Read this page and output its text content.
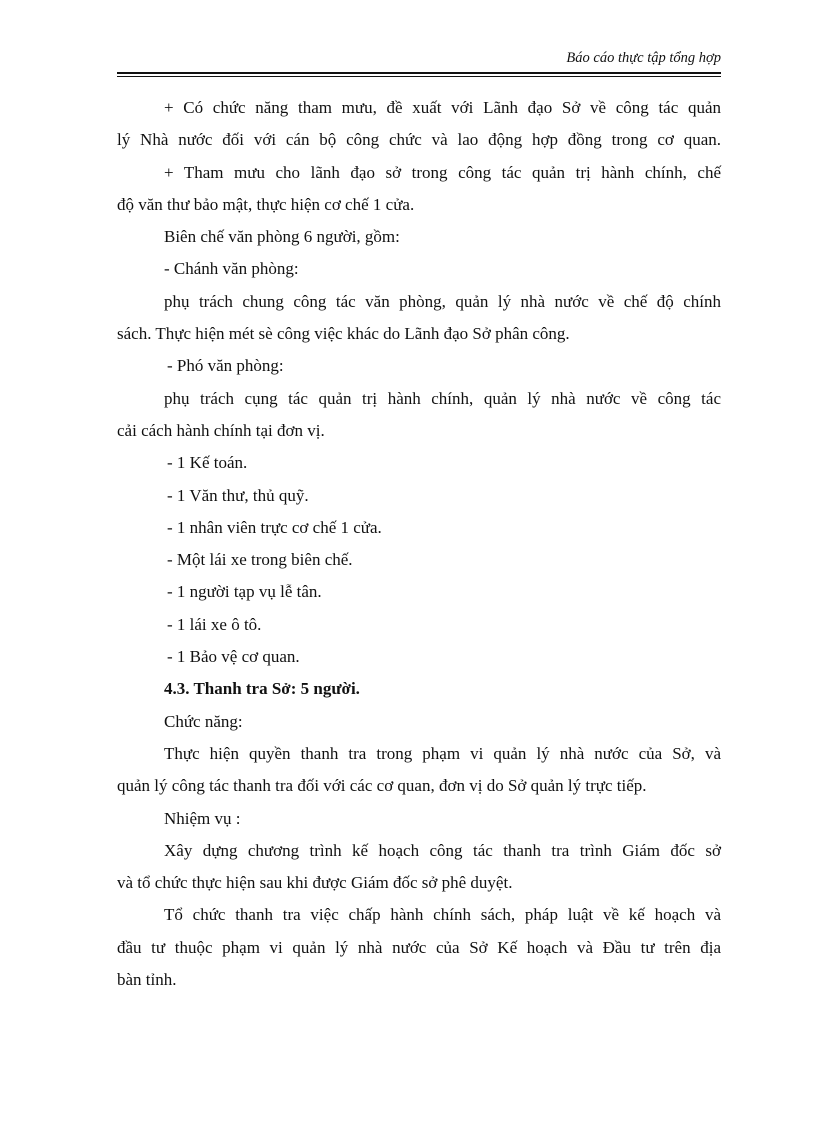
Báo cáo thực tập tổng hợp
+ Có chức năng tham mưu, đề xuất với Lãnh đạo Sở về công tác quản
lý Nhà nước đối với cán bộ công chức và lao động hợp đồng trong cơ quan.
+ Tham mưu cho lãnh đạo sở trong công tác quản trị hành chính, chế
độ văn thư bảo mật, thực hiện cơ chế 1 cửa.
Biên chế văn phòng 6 người, gồm:
- Chánh văn phòng:
phụ trách chung công tác văn phòng, quản lý nhà nước về chế độ chính
sách. Thực hiện mét sè công việc khác do Lãnh đạo Sở phân công.
- Phó văn phòng:
phụ trách cụng tác quản trị hành chính, quản lý nhà nước về công tác
cải cách hành chính tại đơn vị.
- 1 Kế toán.
- 1 Văn thư, thủ quỹ.
- 1 nhân viên trực cơ chế 1 cửa.
- Một lái xe trong biên chế.
- 1 người tạp vụ lễ tân.
- 1 lái xe ô tô.
- 1 Bảo vệ cơ quan.
4.3. Thanh tra Sở: 5 người.
Chức năng:
Thực hiện quyền thanh tra trong phạm vi quản lý nhà nước của Sở, và
quản lý công tác thanh tra đối với các cơ quan, đơn vị do Sở quản lý trực tiếp.
Nhiệm vụ :
Xây dựng chương trình kế hoạch công tác thanh tra trình Giám đốc sở
và tổ chức thực hiện sau khi được Giám đốc sở phê duyệt.
Tổ chức thanh tra việc chấp hành chính sách, pháp luật về kế hoạch và
đầu tư thuộc phạm vi quản lý nhà nước của Sở Kế hoạch và Đầu tư trên địa
bàn tỉnh.
